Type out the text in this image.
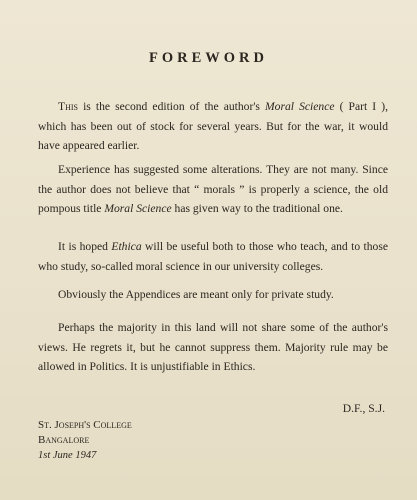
FOREWORD

This is the second edition of the author's Moral Science ( Part I ), which has been out of stock for several years. But for the war, it would have appeared earlier.

Experience has suggested some alterations. They are not many. Since the author does not believe that “ morals ” is properly a science, the old pompous title Moral Science has given way to the traditional one.

It is hoped Ethica will be useful both to those who teach, and to those who study, so-called moral science in our university colleges.

Obviously the Appendices are meant only for private study.

Perhaps the majority in this land will not share some of the author's views. He regrets it, but he cannot suppress them. Majority rule may be allowed in Politics. It is unjustifiable in Ethics.

D.F., S.J.
St. Joseph's College
Bangalore
1st June 1947
